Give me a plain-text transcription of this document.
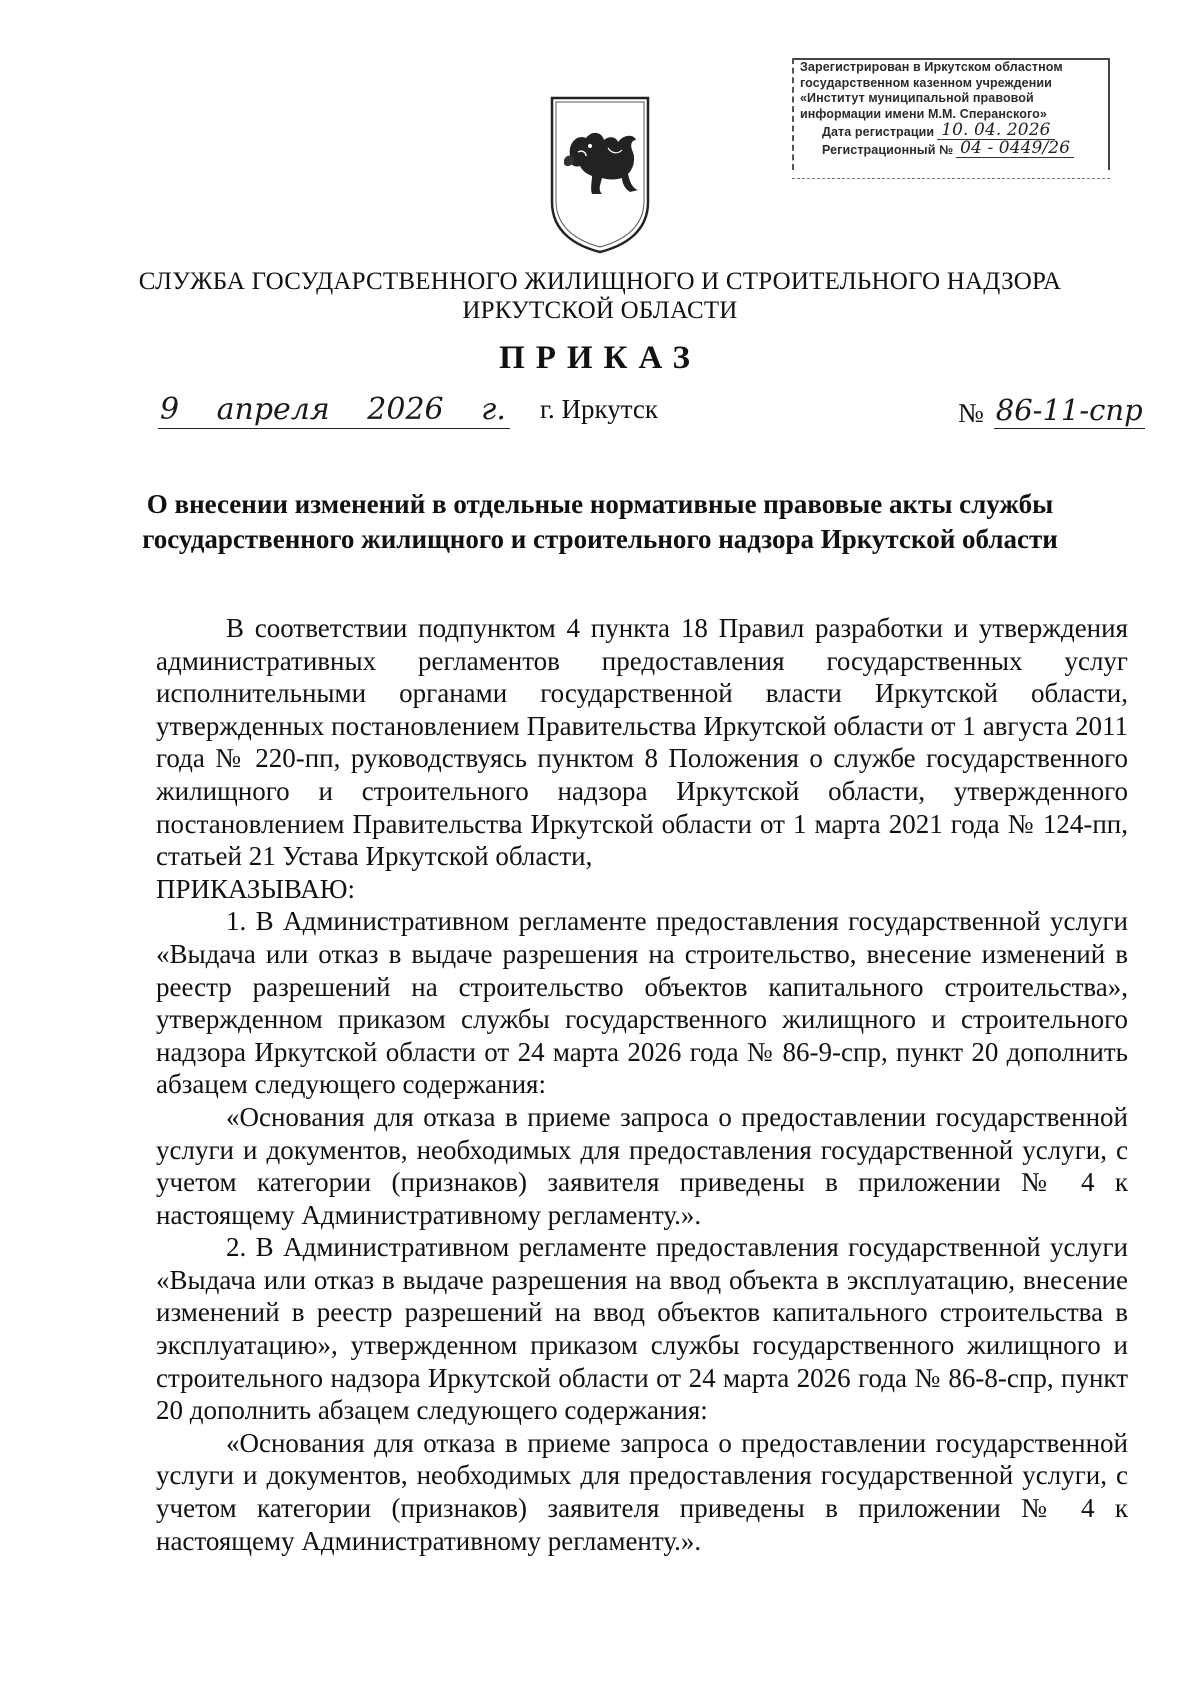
Зарегистрирован в Иркутском областном
государственном казенном учреждении
«Институт муниципальной правовой
информации имени М.М. Сперанского»
Дата регистрации 10. 04. 2026
Регистрационный № 04 - 0449/26
СЛУЖБА ГОСУДАРСТВЕННОГО ЖИЛИЩНОГО И СТРОИТЕЛЬНОГО НАДЗОРА
ИРКУТСКОЙ ОБЛАСТИ
ПРИКАЗ
9 апреля 2026 г. г. Иркутск	№ 86-11-спр
О внесении изменений в отдельные нормативные правовые акты службы
государственного жилищного и строительного надзора Иркутской области

В соответствии подпунктом 4 пункта 18 Правил разработки и утверждения административных регламентов предоставления государственных услуг исполнительными органами государственной власти Иркутской области, утвержденных постановлением Правительства Иркутской области от 1 августа 2011 года № 220-пп, руководствуясь пунктом 8 Положения о службе государственного жилищного и строительного надзора Иркутской области, утвержденного постановлением Правительства Иркутской области от 1 марта 2021 года № 124-пп, статьей 21 Устава Иркутской области,

ПРИКАЗЫВАЮ:

1. В Административном регламенте предоставления государственной услуги «Выдача или отказ в выдаче разрешения на строительство, внесение изменений в реестр разрешений на строительство объектов капитального строительства», утвержденном приказом службы государственного жилищного и строительного надзора Иркутской области от 24 марта 2026 года № 86-9-спр, пункт 20 дополнить абзацем следующего содержания:

«Основания для отказа в приеме запроса о предоставлении государственной услуги и документов, необходимых для предоставления государственной услуги, с учетом категории (признаков) заявителя приведены в приложении № 4 к настоящему Административному регламенту.».

2. В Административном регламенте предоставления государственной услуги «Выдача или отказ в выдаче разрешения на ввод объекта в эксплуатацию, внесение изменений в реестр разрешений на ввод объектов капитального строительства в эксплуатацию», утвержденном приказом службы государственного жилищного и строительного надзора Иркутской области от 24 марта 2026 года № 86-8-спр, пункт 20 дополнить абзацем следующего содержания:

«Основания для отказа в приеме запроса о предоставлении государственной услуги и документов, необходимых для предоставления государственной услуги, с учетом категории (признаков) заявителя приведены в приложении № 4 к настоящему Административному регламенту.».
